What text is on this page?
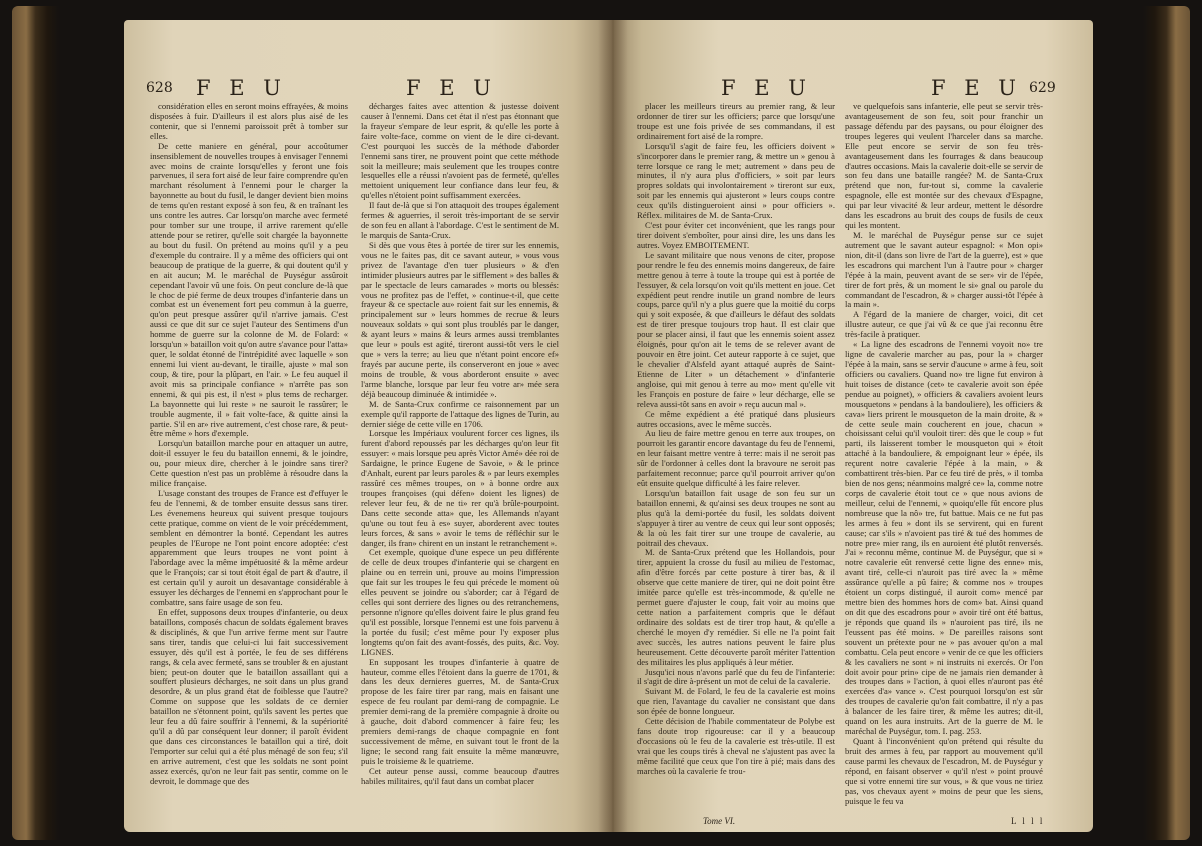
628 F E U	F E U

considération elles en seront moins effrayées, & moins disposées à fuir. D'ailleurs il est alors plus aisé de les contenir, que si l'ennemi paroissoit prêt à tomber sur elles.

De cette maniere en général, pour accoûtumer insensiblement de nouvelles troupes à envisager l'ennemi avec moins de crainte lorsqu'elles y feront une fois parvenues, il sera fort aisé de leur faire comprendre qu'en marchant résolument à l'ennemi pour le charger la bayonnette au bout du fusil, le danger devient bien moins de tems qu'en restant exposé à son feu, & en traînant les uns contre les autres. Car lorsqu'on marche avec fermeté pour tomber sur une troupe, il arrive rarement qu'elle attende pour se retirer, qu'elle soit chargée la bayonnette au bout du fusil. On prétend au moins qu'il y a peu d'exemple du contraire. Il y a même des officiers qui ont beaucoup de pratique de la guerre, & qui doutent qu'il y en ait aucun; M. le maréchal de Puységur assûroit cependant l'avoir vû une fois. On peut conclure de-là que le choc de pié ferme de deux troupes d'infanterie dans un combat est un évenement fort peu commun à la guerre, qu'on peut presque assûrer qu'il n'arrive jamais. C'est aussi ce que dit sur ce sujet l'auteur des Sentimens d'un homme de guerre sur la colonne de M. de Folard: « lorsqu'un » bataillon voit qu'on autre s'avance pour l'atta» quer, le soldat étonné de l'intrépidité avec laquelle » son ennemi lui vient au-devant, le tiraille, ajuste » mal son coup, & tire, pour la plûpart, en l'air. » Le feu auquel il avoit mis sa principale confiance » n'arrête pas son ennemi, & qui pis est, il n'est » plus tems de recharger. La bayonnette qui lui reste » ne sauroit le rassûrer; le trouble augmente, il » fait volte-face, & quitte ainsi la partie. S'il en ar» rive autrement, c'est chose rare, & peut-être même » hors d'exemple.

Lorsqu'un bataillon marche pour en attaquer un autre, doit-il essuyer le feu du bataillon ennemi, & le joindre, ou, pour mieux dire, chercher à le joindre sans tirer? Cette question n'est pas un problème à résoudre dans la milice française.

L'usage constant des troupes de France est d'effuyer le feu de l'ennemi, & de tomber ensuite dessus sans tirer. Les évenemens heureux qui suivent presque toujours cette pratique, comme on vient de le voir précédemment, semblent en démontrer la bonté. Cependant les autres peuples de l'Europe ne l'ont point encore adoptée: c'est apparemment que leurs troupes ne vont point à l'abordage avec la même impétuosité & la même ardeur que le François; car si tout étoit égal de part & d'autre, il est certain qu'il y auroit un desavantage considérable à essuyer les décharges de l'ennemi en s'approchant pour le combattre, sans faire usage de son feu.

En effet, supposons deux troupes d'infanterie, ou deux bataillons, composés chacun de soldats également braves & disciplinés, & que l'un arrive ferme ment sur l'autre sans tirer, tandis que celui-ci lui fait successivement essuyer, dès qu'il est à portée, le feu de ses différens rangs, & cela avec fermeté, sans se troubler & en ajustant bien; peut-on douter que le bataillon assaillant qui a souffert plusieurs décharges, ne soit dans un plus grand desordre, & un plus grand état de foiblesse que l'autre? Comme on suppose que les soldats de ce dernier bataillon ne s'étonnent point, qu'ils savent les pertes que leur feu a dû faire souffrir à l'ennemi, & la supériorité qu'il a dû par conséquent leur donner; il paroît évident que dans ces circonstances le bataillon qui a tiré, doit l'emporter sur celui qui a été plus ménagé de son feu; s'il en arrive autrement, c'est que les soldats ne sont point assez exercés, qu'on ne leur fait pas sentir, comme on le devroit, le dommage que des

décharges faites avec attention & justesse doivent causer à l'ennemi. Dans cet état il n'est pas étonnant que la frayeur s'empare de leur esprit, & qu'elle les porte à faire volte-face, comme on vient de le dire ci-devant. C'est pourquoi les succès de la méthode d'aborder l'ennemi sans tirer, ne prouvent point que cette méthode soit la meilleure; mais seulement que les troupes contre lesquelles elle a réussi n'avoient pas de fermeté, qu'elles mettoient uniquement leur confiance dans leur feu, & qu'elles n'étoient point suffisamment exercées.

Il faut de-là que si l'on attaquoit des troupes également fermes & aguerries, il seroit très-important de se servir de son feu en allant à l'abordage. C'est le sentiment de M. le marquis de Santa-Crux.

Si dès que vous êtes à portée de tirer sur les ennemis, vous ne le faites pas, dit ce savant auteur, » vous vous privez de l'avantage d'en tuer plusieurs » & d'en intimider plusieurs autres par le sifflement » des balles & par le spectacle de leurs camarades » morts ou blessés: vous ne profitez pas de l'effet, » continue-t-il, que cette frayeur & ce spectacle au» roient fait sur les ennemis, & principalement sur » leurs hommes de recrue & leurs nouveaux soldats » qui sont plus troublés par le danger, & ayant leurs » mains & leurs armes aussi tremblantes que leur » pouls est agité, tireront aussi-tôt vers le ciel que » vers la terre; au lieu que n'étant point encore ef» frayés par aucune perte, ils conserveront en joue » avec moins de trouble, & vous aborderont ensuite » avec l'arme blanche, lorsque par leur feu votre ar» mée sera déjà beaucoup diminuée & intimidée ».

M. de Santa-Crux confirme ce raisonnement par un exemple qu'il rapporte de l'attaque des lignes de Turin, au dernier siége de cette ville en 1706.

Lorsque les Impériaux voulurent forcer ces lignes, ils furent d'abord repoussés par les décharges qu'on leur fit essuyer: « mais lorsque peu après Victor Amé» dée roi de Sardaigne, le prince Eugene de Savoie, » & le prince d'Anhalt, eurent par leurs paroles & » par leurs exemples rassûré ces mêmes troupes, on » à bonne ordre aux troupes françoises (qui défen» doient les lignes) de relever leur feu, & de ne ti» rer qu'à brûle-pourpoint. Dans cette seconde atta» que, les Allemands n'ayant qu'une ou tout feu à es» suyer, aborderent avec toutes leurs forces, & sans » avoir le tems de réfléchir sur le danger, ils fran» chirent en un instant le retranchement ».

Cet exemple, quoique d'une espece un peu différente de celle de deux troupes d'infanterie qui se chargent en plaine ou en terrein uni, prouve au moins l'impression que fait sur les troupes le feu qui précede le moment où elles peuvent se joindre ou s'aborder; car à l'égard de celles qui sont derriere des lignes ou des retranchemens, personne n'ignore qu'elles doivent faire le plus grand feu qu'il est possible, lorsque l'ennemi est une fois parvenu à la portée du fusil; c'est même pour l'y exposer plus longtems qu'on fait des avant-fossés, des puits, &c. Voy. LIGNES.

En supposant les troupes d'infanterie à quatre de hauteur, comme elles l'étoient dans la guerre de 1701, & dans les deux dernieres guerres, M. de Santa-Crux propose de les faire tirer par rang, mais en faisant une espece de feu roulant par demi-rang de compagnie. Le premier demi-rang de la première compagnie à droite ou à gauche, doit d'abord commencer à faire feu; les premiers demi-rangs de chaque compagnie en font successivement de même, en suivant tout le front de la ligne; le second rang fait ensuite la même manœuvre, puis le troisieme & le quatrieme.

Cet auteur pense aussi, comme beaucoup d'autres habiles militaires, qu'il faut dans un combat placer

F E U	F E U 629

placer les meilleurs tireurs au premier rang, & leur ordonner de tirer sur les officiers; parce que lorsqu'une troupe est une fois privée de ses commandans, il est ordinairement fort aisé de la rompre.

Lorsqu'il s'agit de faire feu, les officiers doivent » s'incorporer dans le premier rang, & mettre un » genou à terre lorsque ce rang le met; autrement » dans peu de minutes, il n'y aura plus d'officiers, » soit par leurs propres soldats qui involontairement » tireront sur eux, soit par les ennemis qui ajusteront » leurs coups contre ceux qu'ils distingueroient ainsi » pour officiers ». Réflex. militaires de M. de Santa-Crux.

C'est pour éviter cet inconvénient, que les rangs pour tirer doivent s'emboîter, pour ainsi dire, les uns dans les autres. Voyez EMBOITEMENT.

Le savant militaire que nous venons de citer, propose pour rendre le feu des ennemis moins dangereux, de faire mettre genou à terre à toute la troupe qui est à portée de l'essuyer, & cela lorsqu'on voit qu'ils mettent en joue. Cet expédient peut rendre inutile un grand nombre de leurs coups, parce qu'il n'y a plus guere que la moitié du corps qui y soit exposée, & que d'ailleurs le défaut des soldats est de tirer presque toujours trop haut. Il est clair que pour se placer ainsi, il faut que les ennemis soient assez éloignés, pour qu'on ait le tems de se relever avant de pouvoir en être joint. Cet auteur rapporte à ce sujet, que le chevalier d'Alsfeld ayant attaqué auprès de Saint-Etienne de Liter » un détachement » d'infanterie angloise, qui mit genou à terre au mo» ment qu'elle vit les François en posture de faire » leur décharge, elle se releva aussi-tôt sans en avoir » reçu aucun mal ».

Ce même expédient a été pratiqué dans plusieurs autres occasions, avec le même succès.

Au lieu de faire mettre genou en terre aux troupes, on pourroit les garantir encore davantage du feu de l'ennemi, en leur faisant mettre ventre à terre: mais il ne seroit pas sûr de l'ordonner à celles dont la bravoure ne seroit pas parfaitement reconnue; parce qu'il pourroit arriver qu'on eût ensuite quelque difficulté à les faire relever.

Lorsqu'un bataillon fait usage de son feu sur un bataillon ennemi, & qu'ainsi ses deux troupes ne sont au plus qu'à la demi-portée du fusil, les soldats doivent s'appuyer à tirer au ventre de ceux qui leur sont opposés; & la où les fait tirer sur une troupe de cavalerie, au poitrail des chevaux.

M. de Santa-Crux prétend que les Hollandois, pour tirer, appuient la crosse du fusil au milieu de l'estomac, afin d'être forcés par cette posture à tirer bas, & il observe que cette maniere de tirer, qui ne doit point être imitée parce qu'elle est très-incommode, & qu'elle ne permet guere d'ajuster le coup, fait voir au moins que cette nation a parfaitement compris que le défaut ordinaire des soldats est de tirer trop haut, & qu'elle a cherché le moyen d'y remédier. Si elle ne l'a point fait avec succès, les autres nations peuvent le faire plus heureusement. Cette découverte paroît mériter l'attention des militaires les plus appliqués à leur métier.

Jusqu'ici nous n'avons parlé que du feu de l'infanterie: il s'agit de dire à-présent un mot de celui de la cavalerie.

Suivant M. de Folard, le feu de la cavalerie est moins que rien, l'avantage du cavalier ne consistant que dans son épée de bonne longueur.

Cette décision de l'habile commentateur de Polybe est fans doute trop rigoureuse: car il y a beaucoup d'occasions où le feu de la cavalerie est très-utile. Il est vrai que les coups tirés à cheval ne s'ajustent pas avec la même facilité que ceux que l'on tire à pié; mais dans des marches où la cavalerie fe trou-

ve quelquefois sans infanterie, elle peut se servir très-avantageusement de son feu, soit pour franchir un passage défendu par des paysans, ou pour éloigner des troupes legeres qui veulent l'harceler dans sa marche. Elle peut encore se servir de son feu très-avantageusement dans les fourrages & dans beaucoup d'autres occasions. Mais la cavalerie doit-elle se servir de son feu dans une bataille rangée? M. de Santa-Crux prétend que non, fur-tout si, comme la cavalerie espagnole, elle est montée sur des chevaux d'Espagne, qui par leur vivacité & leur ardeur, mettent le désordre dans les escadrons au bruit des coups de fusils de ceux qui les montent.

M. le maréchal de Puységur pense sur ce sujet autrement que le savant auteur espagnol: « Mon opi» nion, dit-il (dans son livre de l'art de la guerre), est » que les escadrons qui marchent l'un à l'autre pour » charger l'épée à la main, peuvent avant de se ser» vir de l'épée, tirer de fort près, & un moment le si» gnal ou parole du commandant de l'escadron, & » charger aussi-tôt l'épée à la main ».

A l'égard de la maniere de charger, voici, dit cet illustre auteur, ce que j'ai vû & ce que j'ai reconnu être très-facile à pratiquer.

« La ligne des escadrons de l'ennemi voyoit no» tre ligne de cavalerie marcher au pas, pour la » charger l'épée à la main, sans se servir d'aucune » arme à feu, soit officiers ou cavaliers. Quand no» tre ligne fut environ à huit toises de distance (cet» te cavalerie avoit son épée pendue au poignet), » officiers & cavaliers avoient leurs mousquetons » pendans à la bandouliere), les officiers & cava» liers prirent le mousqueton de la main droite, & » de cette seule main coucherent en joue, chacun » choisissant celui qu'il vouloit tirer: dès que le coup » fut parti, ils laisserent tomber le mousqueton qui » étoit attaché à la bandouliere, & empoignant leur » épée, ils reçurent notre cavalerie l'épée à la main, » & combattirent très-bien. Par ce feu tiré de près, » il tomba bien de nos gens; néanmoins malgré ce» la, comme notre corps de cavalerie étoit tout ce » que nous avions de meilleur, celui de l'ennemi, » quoiqu'elle fût encore plus nombreuse que la nô» tre, fut battue. Mais ce ne fut pas les armes à feu » dont ils se servirent, qui en furent cause; car s'ils » n'avoient pas tiré & tué des hommes de notre pre» mier rang, ils en auroient été plutôt renversés. J'ai » reconnu même, continue M. de Puységur, que si » notre cavalerie eût renversé cette ligne des enne» mis, avant tiré, celle-ci n'auroit pas tiré avec la » même assûrance qu'elle a pû faire; & comme nos » troupes étoient un corps distingué, il auroit com» mencé par mettre bien des hommes hors de com» bat. Ainsi quand on dit que des escadrons pour » avoir tiré ont été battus, je réponds que quand ils » n'auroient pas tiré, ils ne l'eussent pas été moins. » De pareilles raisons sont souvent un prétexte pour ne » pas avouer qu'on a mal combattu. Cela peut encore » venir de ce que les officiers & les cavaliers ne sont » ni instruits ni exercés. Or l'on doit avoir pour prin» cipe de ne jamais rien demander à des troupes dans » l'action, à quoi elles n'auront pas été exercées d'a» vance ». C'est pourquoi lorsqu'on est sûr des troupes de cavalerie qu'on fait combattre, il n'y a pas à balancer de les faire tirer, & même les autres; dit-il, quand on les aura instruits. Art de la guerre de M. le maréchal de Puységur, tom. I. pag. 253.

Quant à l'inconvénient qu'on prétend qui résulte du bruit des armes à feu, par rapport au mouvement qu'il cause parmi les chevaux de l'escadron, M. de Puységur y répond, en faisant observer « qu'il n'est » point prouvé que si votre ennemi tire sur vous, » & que vous ne tiriez pas, vos chevaux ayent » moins de peur que les siens, puisque le feu va

Tome VI.	L l l l
